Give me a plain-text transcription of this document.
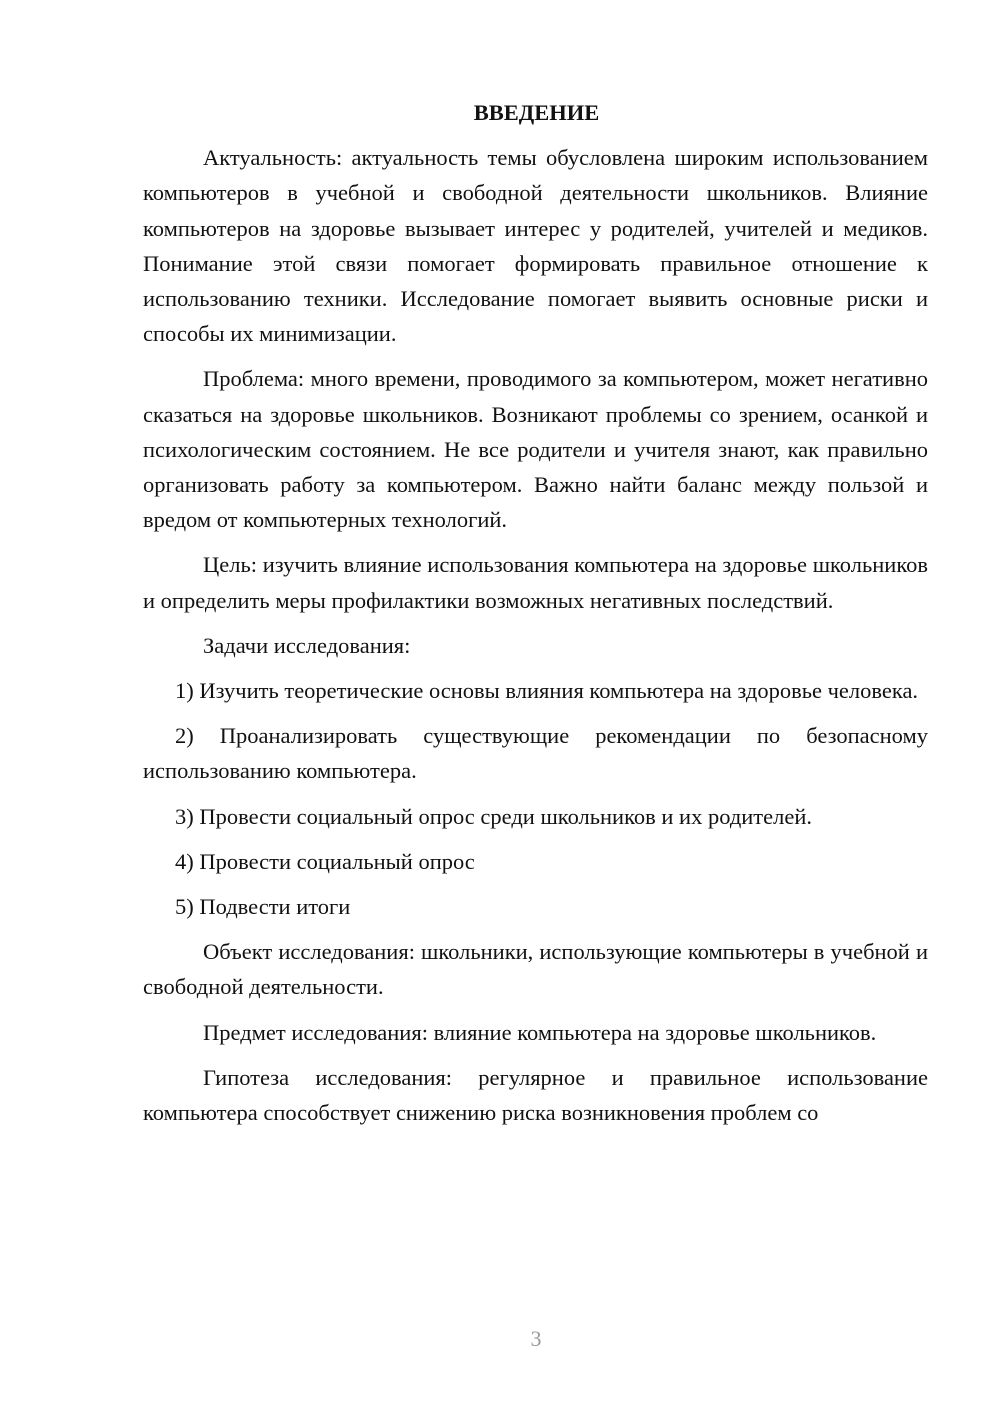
ВВЕДЕНИЕ

Актуальность: актуальность темы обусловлена широким использованием компьютеров в учебной и свободной деятельности школьников. Влияние компьютеров на здоровье вызывает интерес у родителей, учителей и медиков. Понимание этой связи помогает формировать правильное отношение к использованию техники. Исследование помогает выявить основные риски и способы их минимизации.

Проблема: много времени, проводимого за компьютером, может негативно сказаться на здоровье школьников. Возникают проблемы со зрением, осанкой и психологическим состоянием. Не все родители и учителя знают, как правильно организовать работу за компьютером. Важно найти баланс между пользой и вредом от компьютерных технологий.

Цель: изучить влияние использования компьютера на здоровье школьников и определить меры профилактики возможных негативных последствий.

Задачи исследования:

1) Изучить теоретические основы влияния компьютера на здоровье человека.

2) Проанализировать существующие рекомендации по безопасному использованию компьютера.

3) Провести социальный опрос среди школьников и их родителей.

4) Провести социальный опрос

5) Подвести итоги

Объект исследования: школьники, использующие компьютеры в учебной и свободной деятельности.

Предмет исследования: влияние компьютера на здоровье школьников.

Гипотеза исследования: регулярное и правильное использование компьютера способствует снижению риска возникновения проблем со

3
